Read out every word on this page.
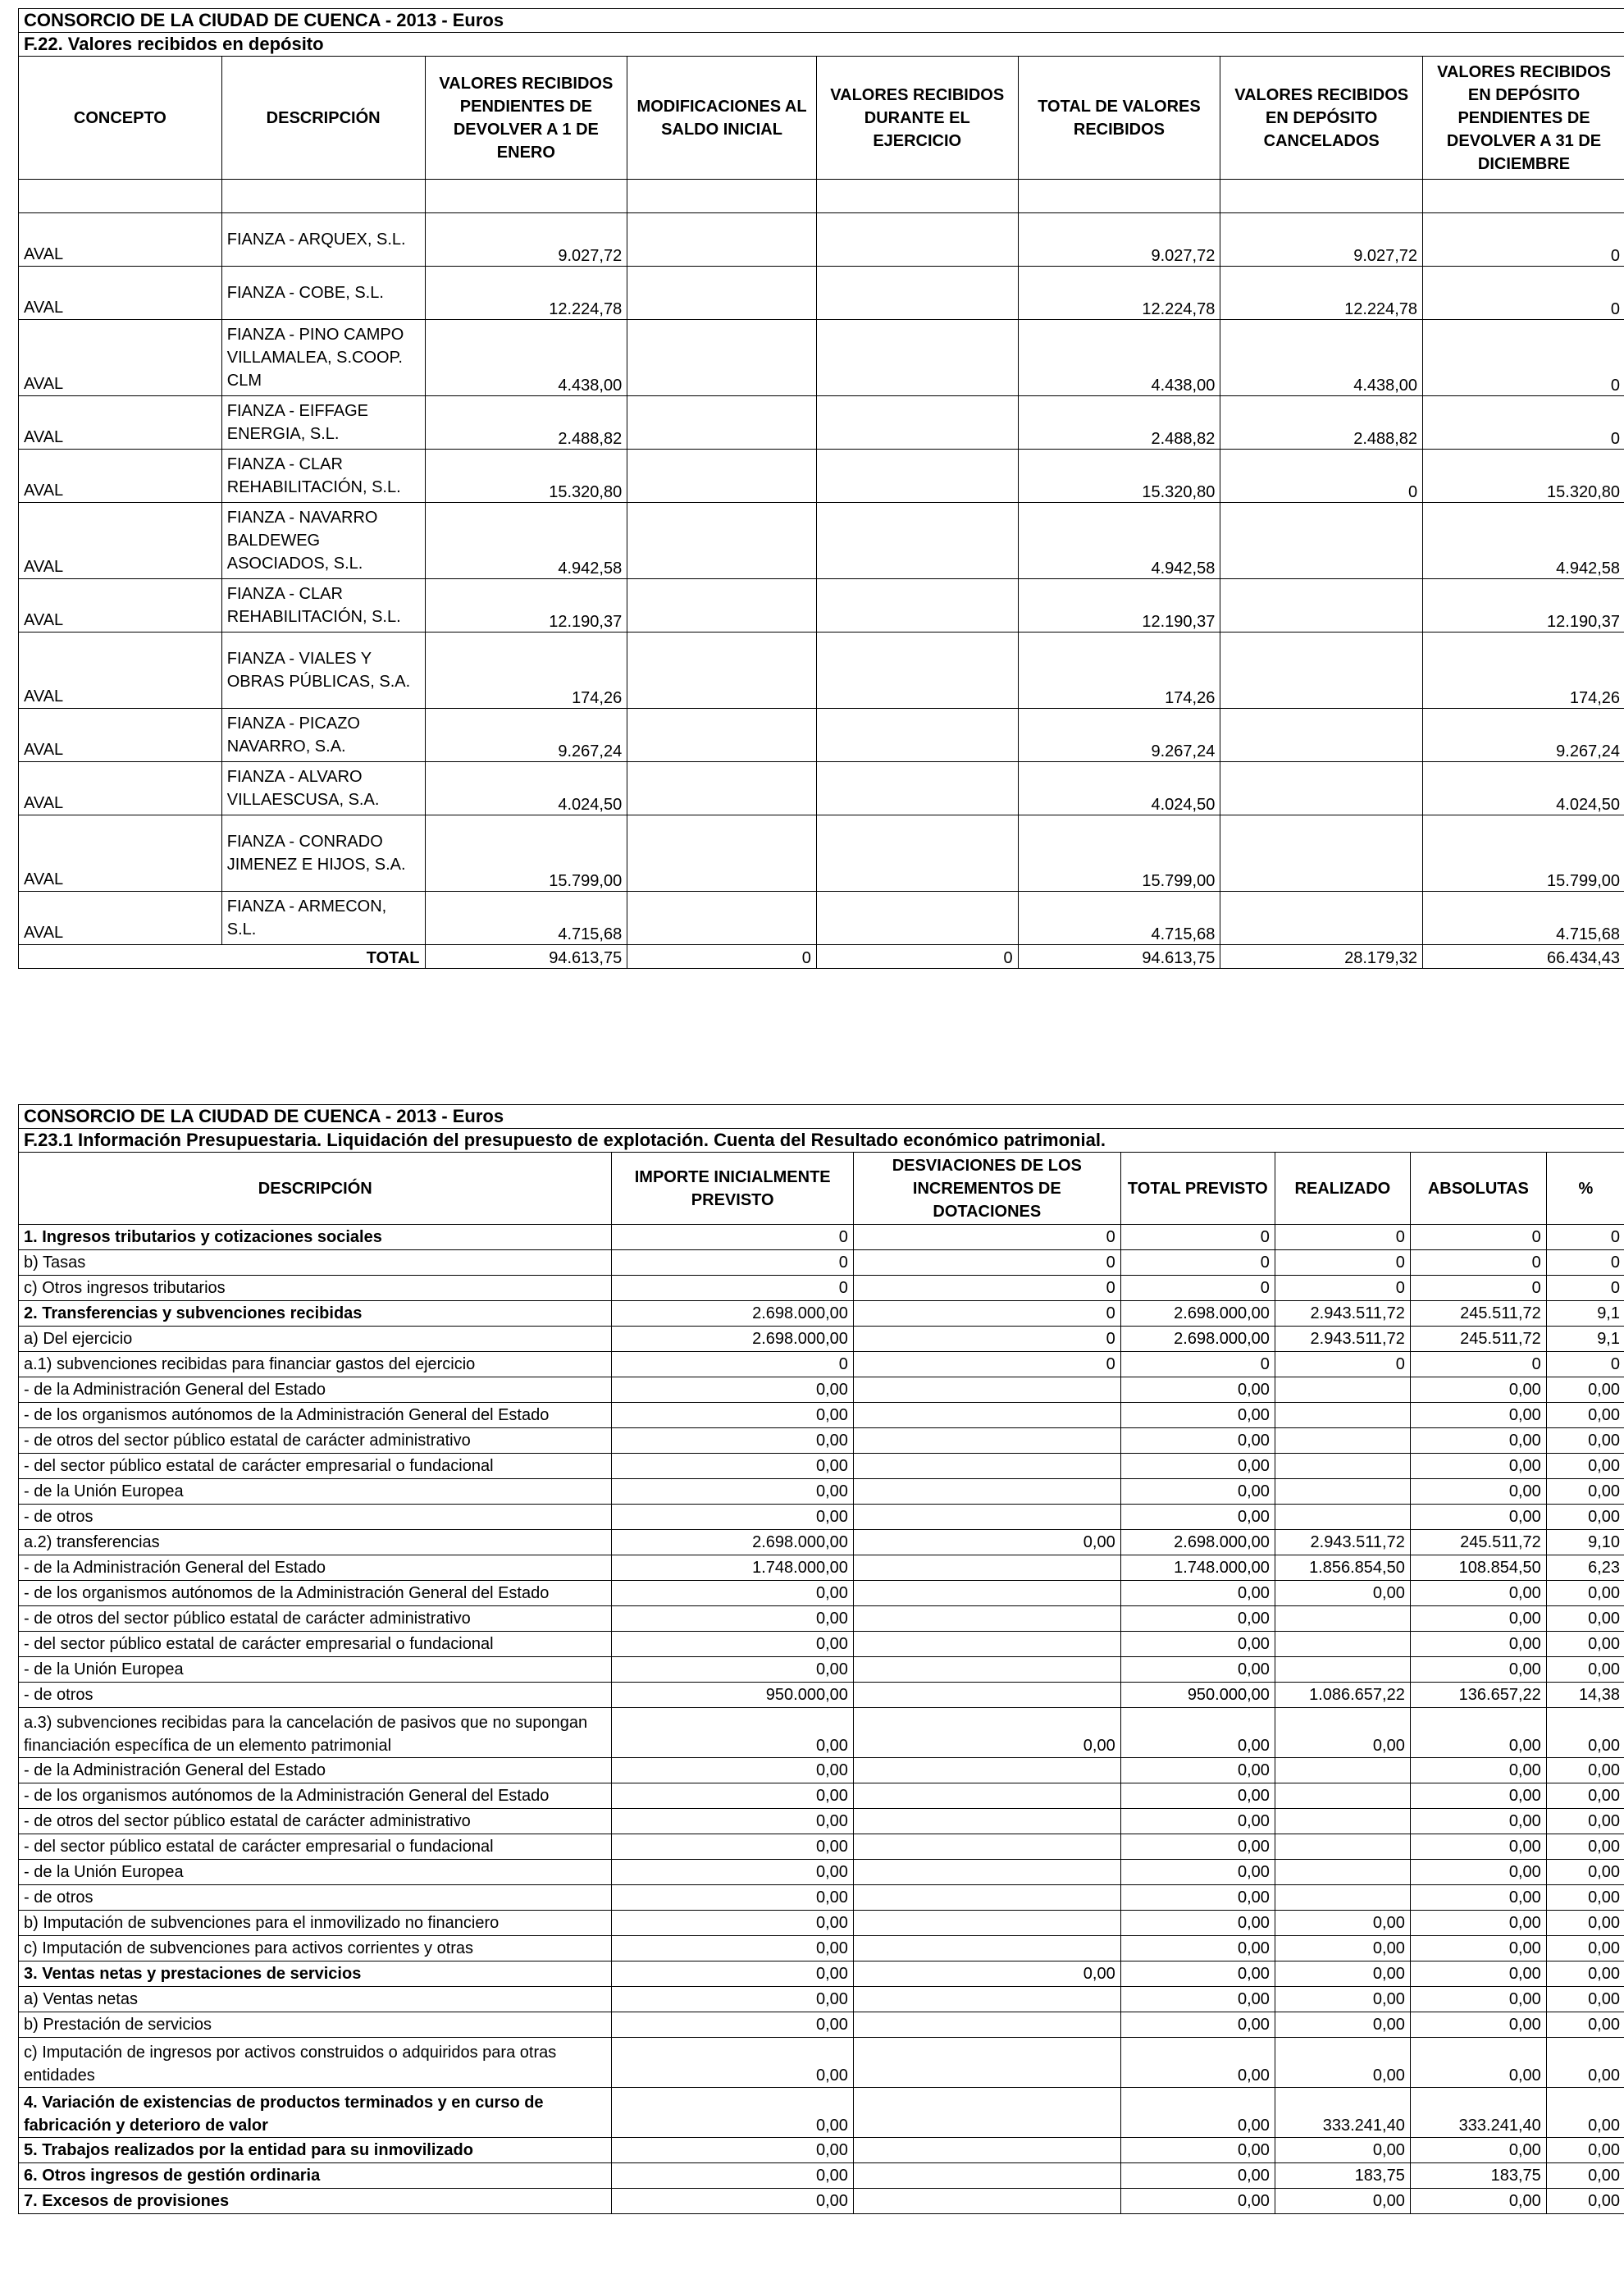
CONSORCIO DE LA CIUDAD DE CUENCA - 2013 - Euros							
F.22. Valores recibidos en depósito							
CONCEPTO	DESCRIPCIÓN	VALORES RECIBIDOS PENDIENTES DE DEVOLVER A 1 DE ENERO	MODIFICACIONES AL SALDO INICIAL	VALORES RECIBIDOS DURANTE EL EJERCICIO	TOTAL DE VALORES RECIBIDOS	VALORES RECIBIDOS EN DEPÓSITO CANCELADOS	VALORES RECIBIDOS EN DEPÓSITO PENDIENTES DE DEVOLVER A 31 DE DICIEMBRE

AVAL	FIANZA - ARQUEX, S.L.	9.027,72			9.027,72	9.027,72	0
AVAL	FIANZA - COBE, S.L.	12.224,78			12.224,78	12.224,78	0
AVAL	FIANZA - PINO CAMPO VILLAMALEA, S.COOP. CLM	4.438,00			4.438,00	4.438,00	0
AVAL	FIANZA - EIFFAGE ENERGIA, S.L.	2.488,82			2.488,82	2.488,82	0
AVAL	FIANZA - CLAR REHABILITACIÓN, S.L.	15.320,80			15.320,80	0	15.320,80
AVAL	FIANZA - NAVARRO BALDEWEG ASOCIADOS, S.L.	4.942,58			4.942,58		4.942,58
AVAL	FIANZA - CLAR REHABILITACIÓN, S.L.	12.190,37			12.190,37		12.190,37
AVAL	FIANZA - VIALES Y OBRAS PÚBLICAS, S.A.	174,26			174,26		174,26
AVAL	FIANZA - PICAZO NAVARRO, S.A.	9.267,24			9.267,24		9.267,24
AVAL	FIANZA - ALVARO VILLAESCUSA, S.A.	4.024,50			4.024,50		4.024,50
AVAL	FIANZA - CONRADO JIMENEZ E HIJOS, S.A.	15.799,00			15.799,00		15.799,00
AVAL	FIANZA - ARMECON, S.L.	4.715,68			4.715,68		4.715,68
TOTAL		94.613,75	0	0	94.613,75	28.179,32	66.434,43
CONSORCIO DE LA CIUDAD DE CUENCA - 2013 - Euros						
F.23.1 Información Presupuestaria. Liquidación del presupuesto de explotación. Cuenta del Resultado económico patrimonial.						
DESCRIPCIÓN	IMPORTE INICIALMENTE PREVISTO	DESVIACIONES DE LOS INCREMENTOS DE DOTACIONES	TOTAL PREVISTO	REALIZADO	ABSOLUTAS	%
1. Ingresos tributarios y cotizaciones sociales	0	0	0	0	0	0
b) Tasas	0	0	0	0	0	0
c) Otros ingresos tributarios	0	0	0	0	0	0
2. Transferencias y subvenciones recibidas	2.698.000,00	0	2.698.000,00	2.943.511,72	245.511,72	9,1
a) Del ejercicio	2.698.000,00	0	2.698.000,00	2.943.511,72	245.511,72	9,1
a.1) subvenciones recibidas para financiar gastos del ejercicio	0	0	0	0	0	0
- de la Administración General del Estado	0,00		0,00		0,00	0,00
- de los organismos autónomos de la Administración General del Estado	0,00		0,00		0,00	0,00
- de otros del sector público estatal de carácter administrativo	0,00		0,00		0,00	0,00
- del sector público estatal de carácter empresarial o fundacional	0,00		0,00		0,00	0,00
- de la Unión Europea	0,00		0,00		0,00	0,00
- de otros	0,00		0,00		0,00	0,00
a.2) transferencias	2.698.000,00	0,00	2.698.000,00	2.943.511,72	245.511,72	9,10
- de la Administración General del Estado	1.748.000,00		1.748.000,00	1.856.854,50	108.854,50	6,23
- de los organismos autónomos de la Administración General del Estado	0,00		0,00	0,00	0,00	0,00
- de otros del sector público estatal de carácter administrativo	0,00		0,00		0,00	0,00
- del sector público estatal de carácter empresarial o fundacional	0,00		0,00		0,00	0,00
- de la Unión Europea	0,00		0,00		0,00	0,00
- de otros	950.000,00		950.000,00	1.086.657,22	136.657,22	14,38
a.3) subvenciones recibidas para la cancelación de pasivos que no supongan financiación específica de un elemento patrimonial	0,00	0,00	0,00	0,00	0,00	0,00
- de la Administración General del Estado	0,00		0,00		0,00	0,00
- de los organismos autónomos de la Administración General del Estado	0,00		0,00		0,00	0,00
- de otros del sector público estatal de carácter administrativo	0,00		0,00		0,00	0,00
- del sector público estatal de carácter empresarial o fundacional	0,00		0,00		0,00	0,00
- de la Unión Europea	0,00		0,00		0,00	0,00
- de otros	0,00		0,00		0,00	0,00
b) Imputación de subvenciones para el inmovilizado no financiero	0,00		0,00	0,00	0,00	0,00
c) Imputación de subvenciones para activos corrientes y otras	0,00		0,00	0,00	0,00	0,00
3. Ventas netas y prestaciones de servicios	0,00	0,00	0,00	0,00	0,00	0,00
a) Ventas netas	0,00		0,00	0,00	0,00	0,00
b) Prestación de servicios	0,00		0,00	0,00	0,00	0,00
c) Imputación de ingresos por activos construidos o adquiridos para otras entidades	0,00		0,00	0,00	0,00	0,00
4. Variación de existencias de productos terminados y en curso de fabricación y deterioro de valor	0,00		0,00	333.241,40	333.241,40	0,00
5. Trabajos realizados por la entidad para su inmovilizado	0,00		0,00	0,00	0,00	0,00
6. Otros ingresos de gestión ordinaria	0,00		0,00	183,75	183,75	0,00
7. Excesos de provisiones	0,00		0,00	0,00	0,00	0,00
